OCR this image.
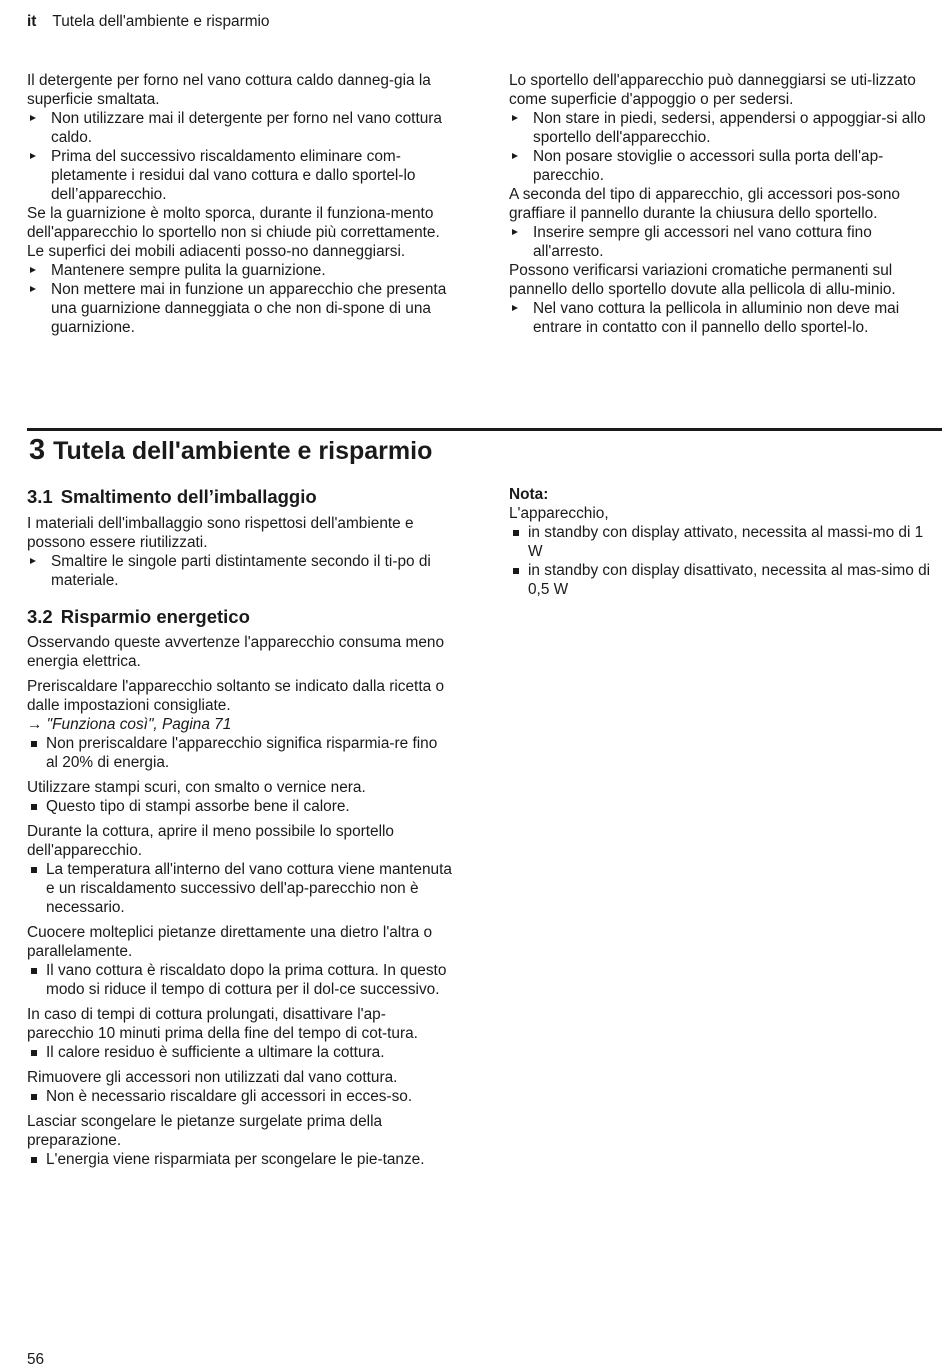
it Tutela dell'ambiente e risparmio

Il detergente per forno nel vano cottura caldo danneg-gia la superficie smaltata.

Non utilizzare mai il detergente per forno nel vano cottura caldo.
Prima del successivo riscaldamento eliminare com-pletamente i residui dal vano cottura e dallo sportel-lo dell’apparecchio.

Se la guarnizione è molto sporca, durante il funziona-mento dell'apparecchio lo sportello non si chiude più correttamente. Le superfici dei mobili adiacenti posso-no danneggiarsi.

Mantenere sempre pulita la guarnizione.
Non mettere mai in funzione un apparecchio che presenta una guarnizione danneggiata o che non di-spone di una guarnizione.

Lo sportello dell'apparecchio può danneggiarsi se uti-lizzato come superficie d'appoggio o per sedersi.

Non stare in piedi, sedersi, appendersi o appoggiar-si allo sportello dell'apparecchio.
Non posare stoviglie o accessori sulla porta dell'ap-parecchio.

A seconda del tipo di apparecchio, gli accessori pos-sono graffiare il pannello durante la chiusura dello sportello.

Inserire sempre gli accessori nel vano cottura fino all'arresto.

Possono verificarsi variazioni cromatiche permanenti sul pannello dello sportello dovute alla pellicola di allu-minio.

Nel vano cottura la pellicola in alluminio non deve mai entrare in contatto con il pannello dello sportel-lo.
3 Tutela dell'ambiente e risparmio
3.1 Smaltimento dell’imballaggio

I materiali dell'imballaggio sono rispettosi dell'ambiente e possono essere riutilizzati.

Smaltire le singole parti distintamente secondo il ti-po di materiale.
3.2 Risparmio energetico

Osservando queste avvertenze l'apparecchio consuma meno energia elettrica.

Preriscaldare l'apparecchio soltanto se indicato dalla ricetta o dalle impostazioni consigliate.

→ "Funziona così", Pagina 71

Non preriscaldare l'apparecchio significa risparmia-re fino al 20% di energia.

Utilizzare stampi scuri, con smalto o vernice nera.

Questo tipo di stampi assorbe bene il calore.

Durante la cottura, aprire il meno possibile lo sportello dell'apparecchio.

La temperatura all'interno del vano cottura viene mantenuta e un riscaldamento successivo dell'ap-parecchio non è necessario.

Cuocere molteplici pietanze direttamente una dietro l'altra o parallelamente.

Il vano cottura è riscaldato dopo la prima cottura. In questo modo si riduce il tempo di cottura per il dol-ce successivo.

In caso di tempi di cottura prolungati, disattivare l'ap-parecchio 10 minuti prima della fine del tempo di cot-tura.

Il calore residuo è sufficiente a ultimare la cottura.

Rimuovere gli accessori non utilizzati dal vano cottura.

Non è necessario riscaldare gli accessori in ecces-so.

Lasciar scongelare le pietanze surgelate prima della preparazione.

L'energia viene risparmiata per scongelare le pie-tanze.

Nota:

L'apparecchio,

in standby con display attivato, necessita al massi-mo di 1 W
in standby con display disattivato, necessita al mas-simo di 0,5 W
56
